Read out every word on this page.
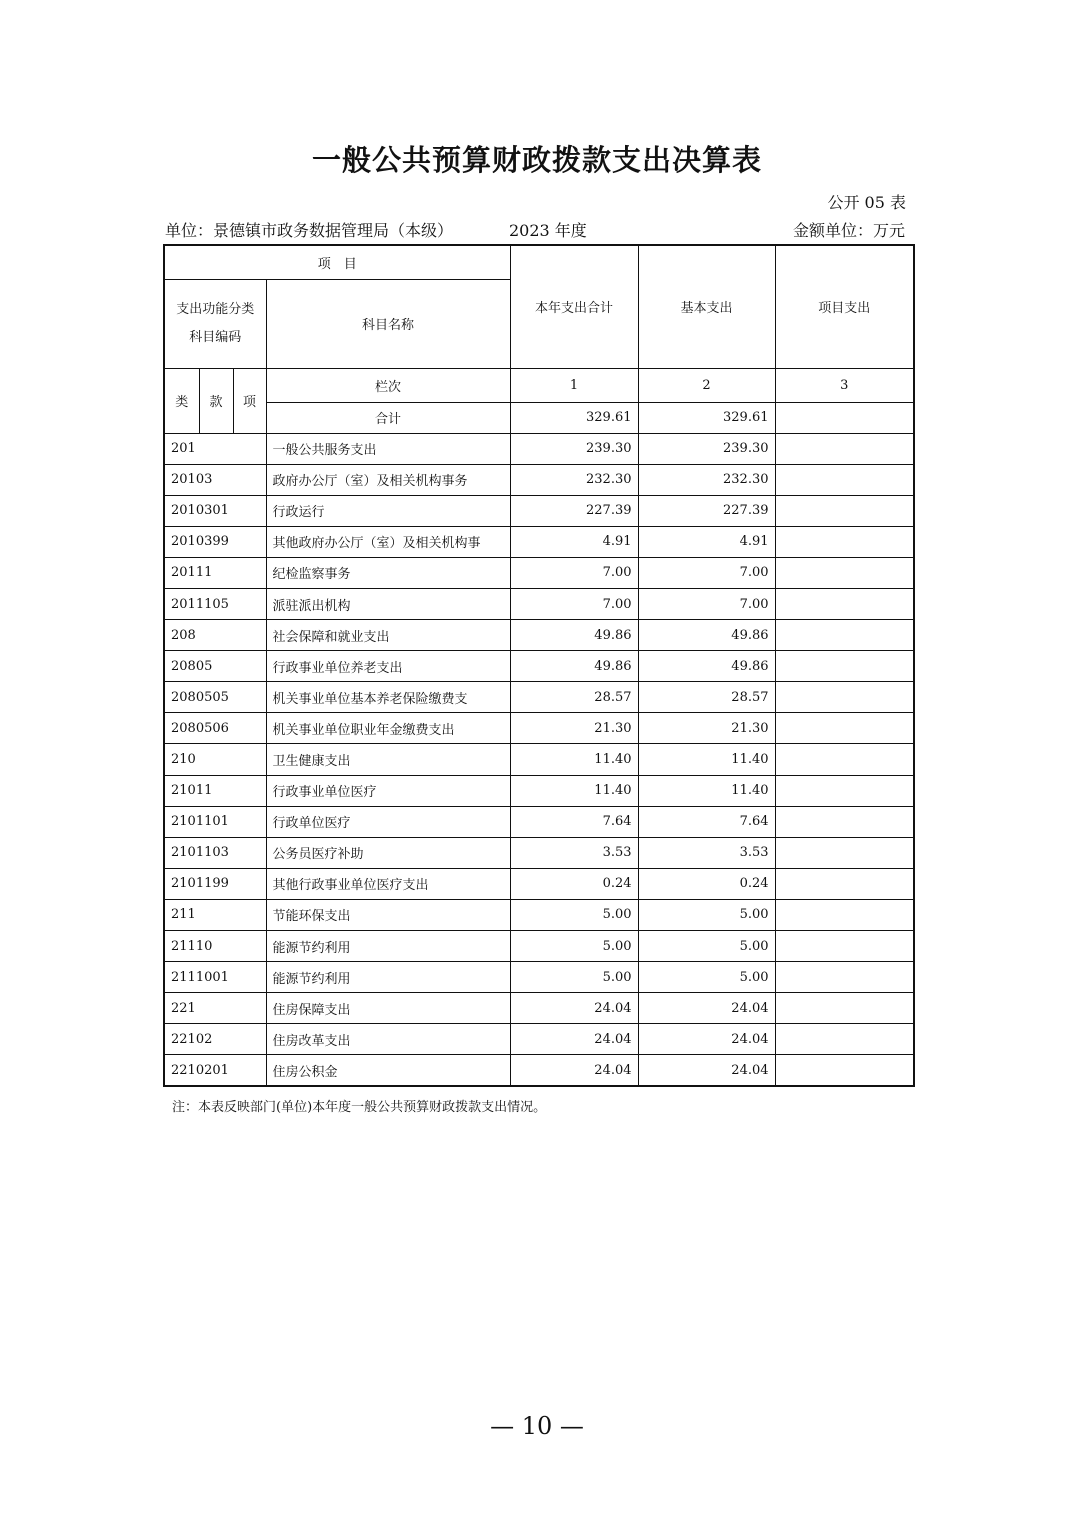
一般公共预算财政拨款支出决算表
公开 05 表
单位：景德镇市政务数据管理局（本级）	2023 年度	金额单位：万元
项　目				本年支出合计	基本支出	项目支出
支出功能分类科目编码			科目名称			
类	款	项	栏次	1	2	3
			合计	329.61	329.61	
201			一般公共服务支出	239.30	239.30	
20103			政府办公厅（室）及相关机构事务	232.30	232.30	
2010301			行政运行	227.39	227.39	
2010399			其他政府办公厅（室）及相关机构事	4.91	4.91	
20111			纪检监察事务	7.00	7.00	
2011105			派驻派出机构	7.00	7.00	
208			社会保障和就业支出	49.86	49.86	
20805			行政事业单位养老支出	49.86	49.86	
2080505			机关事业单位基本养老保险缴费支	28.57	28.57	
2080506			机关事业单位职业年金缴费支出	21.30	21.30	
210			卫生健康支出	11.40	11.40	
21011			行政事业单位医疗	11.40	11.40	
2101101			行政单位医疗	7.64	7.64	
2101103			公务员医疗补助	3.53	3.53	
2101199			其他行政事业单位医疗支出	0.24	0.24	
211			节能环保支出	5.00	5.00	
21110			能源节约利用	5.00	5.00	
2111001			能源节约利用	5.00	5.00	
221			住房保障支出	24.04	24.04	
22102			住房改革支出	24.04	24.04	
2210201			住房公积金	24.04	24.04	
注：本表反映部门(单位)本年度一般公共预算财政拨款支出情况。
— 10 —
